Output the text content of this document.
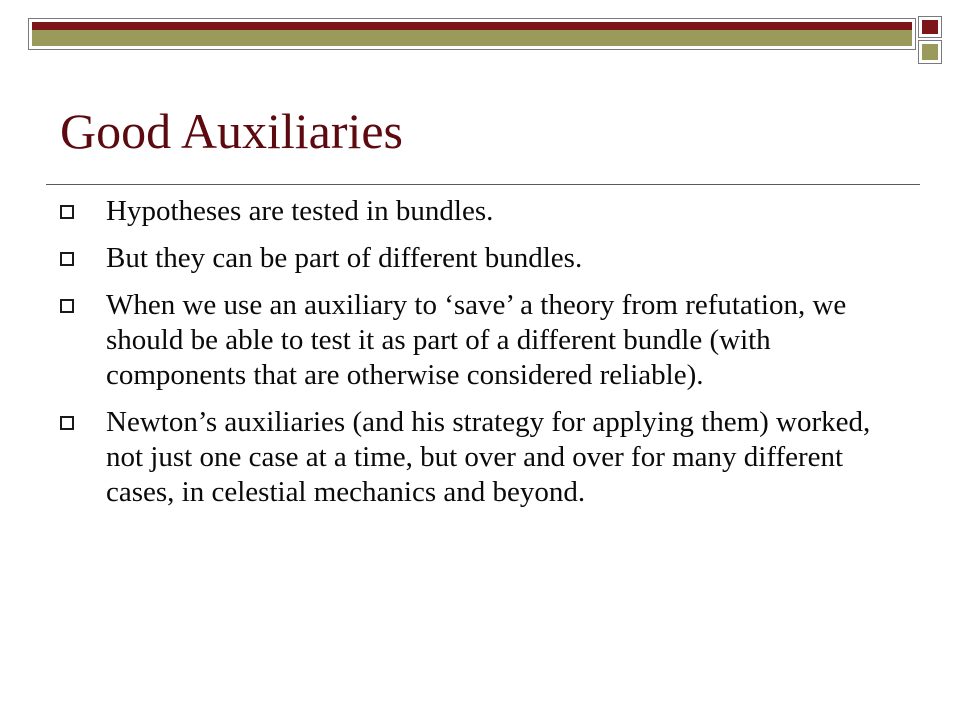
Good Auxiliaries
Hypotheses are tested in bundles.
But they can be part of different bundles.
When we use an auxiliary to ‘save’ a theory from refutation, we should be able to test it as part of a different bundle (with components that are otherwise considered reliable).
Newton’s auxiliaries (and his strategy for applying them) worked, not just one case at a time, but over and over for many different cases, in celestial mechanics and beyond.
